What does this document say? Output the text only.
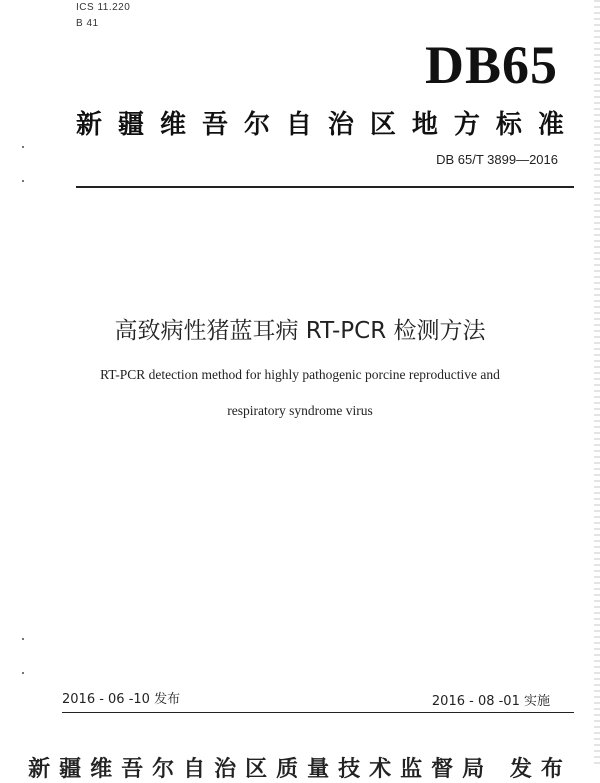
ICS 11.220
B 41
DB65
新 疆 维 吾 尔 自 治 区 地 方 标 准
DB 65/T 3899—2016
高致病性猪蓝耳病 RT-PCR 检测方法
RT-PCR detection method for highly pathogenic porcine reproductive and
respiratory syndrome virus
2016 - 06 -10 发布	2016 - 08 -01 实施
新疆维吾尔自治区质量技术监督局 发布
